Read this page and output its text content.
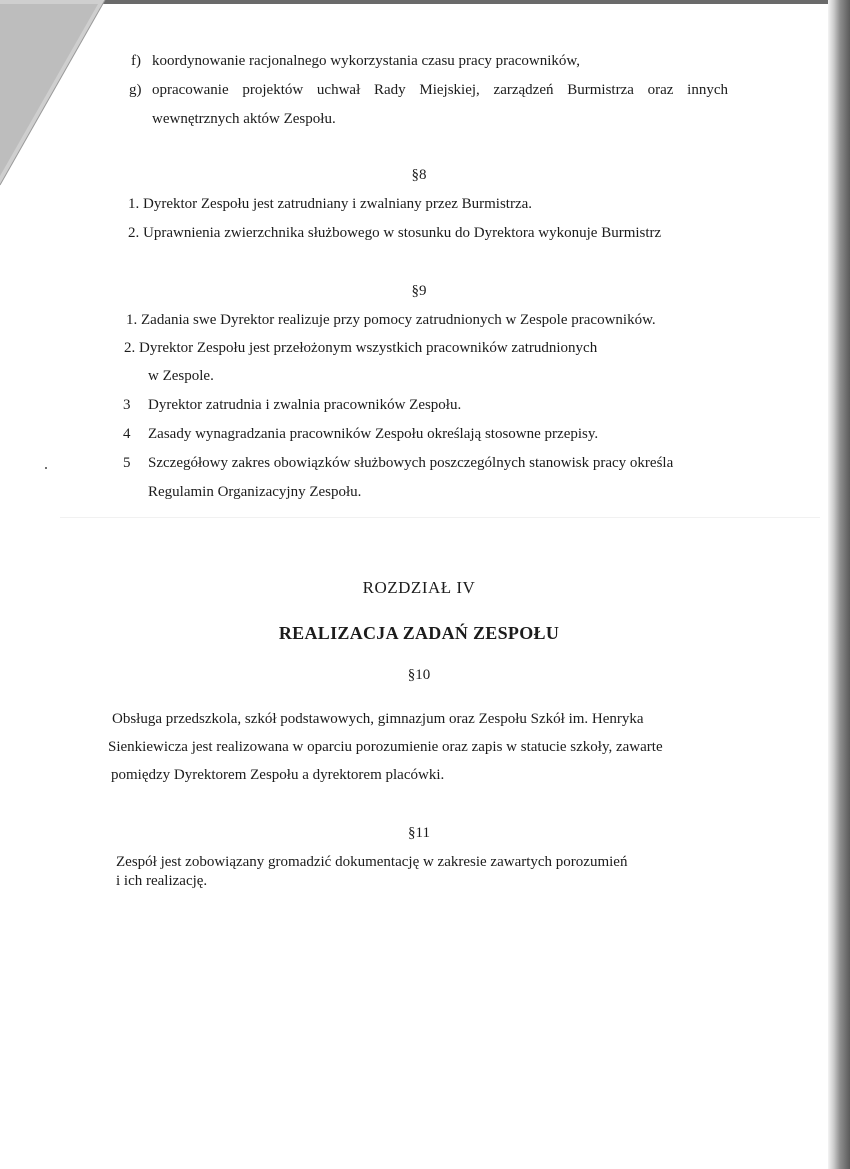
f) koordynowanie racjonalnego wykorzystania czasu pracy pracowników,
g) opracowanie projektów uchwał Rady Miejskiej, zarządzeń Burmistrza oraz innych
wewnętrznych aktów Zespołu.
§8
1. Dyrektor Zespołu jest zatrudniany i zwalniany przez Burmistrza.
2. Uprawnienia zwierzchnika służbowego w stosunku do Dyrektora wykonuje Burmistrz
§9
1. Zadania swe Dyrektor realizuje przy pomocy zatrudnionych w Zespole pracowników.
2. Dyrektor Zespołu jest przełożonym wszystkich pracowników zatrudnionych
w Zespole.
3 Dyrektor zatrudnia i zwalnia pracowników Zespołu.
4 Zasady wynagradzania pracowników Zespołu określają stosowne przepisy.
5 Szczegółowy zakres obowiązków służbowych poszczególnych stanowisk pracy określa
Regulamin Organizacyjny Zespołu.
ROZDZIAŁ IV
REALIZACJA ZADAŃ ZESPOŁU
§10
Obsługa przedszkola, szkół podstawowych, gimnazjum oraz Zespołu Szkół im. Henryka
Sienkiewicza jest realizowana w oparciu porozumienie oraz zapis w statucie szkoły, zawarte
pomiędzy Dyrektorem Zespołu a dyrektorem placówki.
§11
Zespół jest zobowiązany gromadzić dokumentację w zakresie zawartych porozumień
i ich realizację.
